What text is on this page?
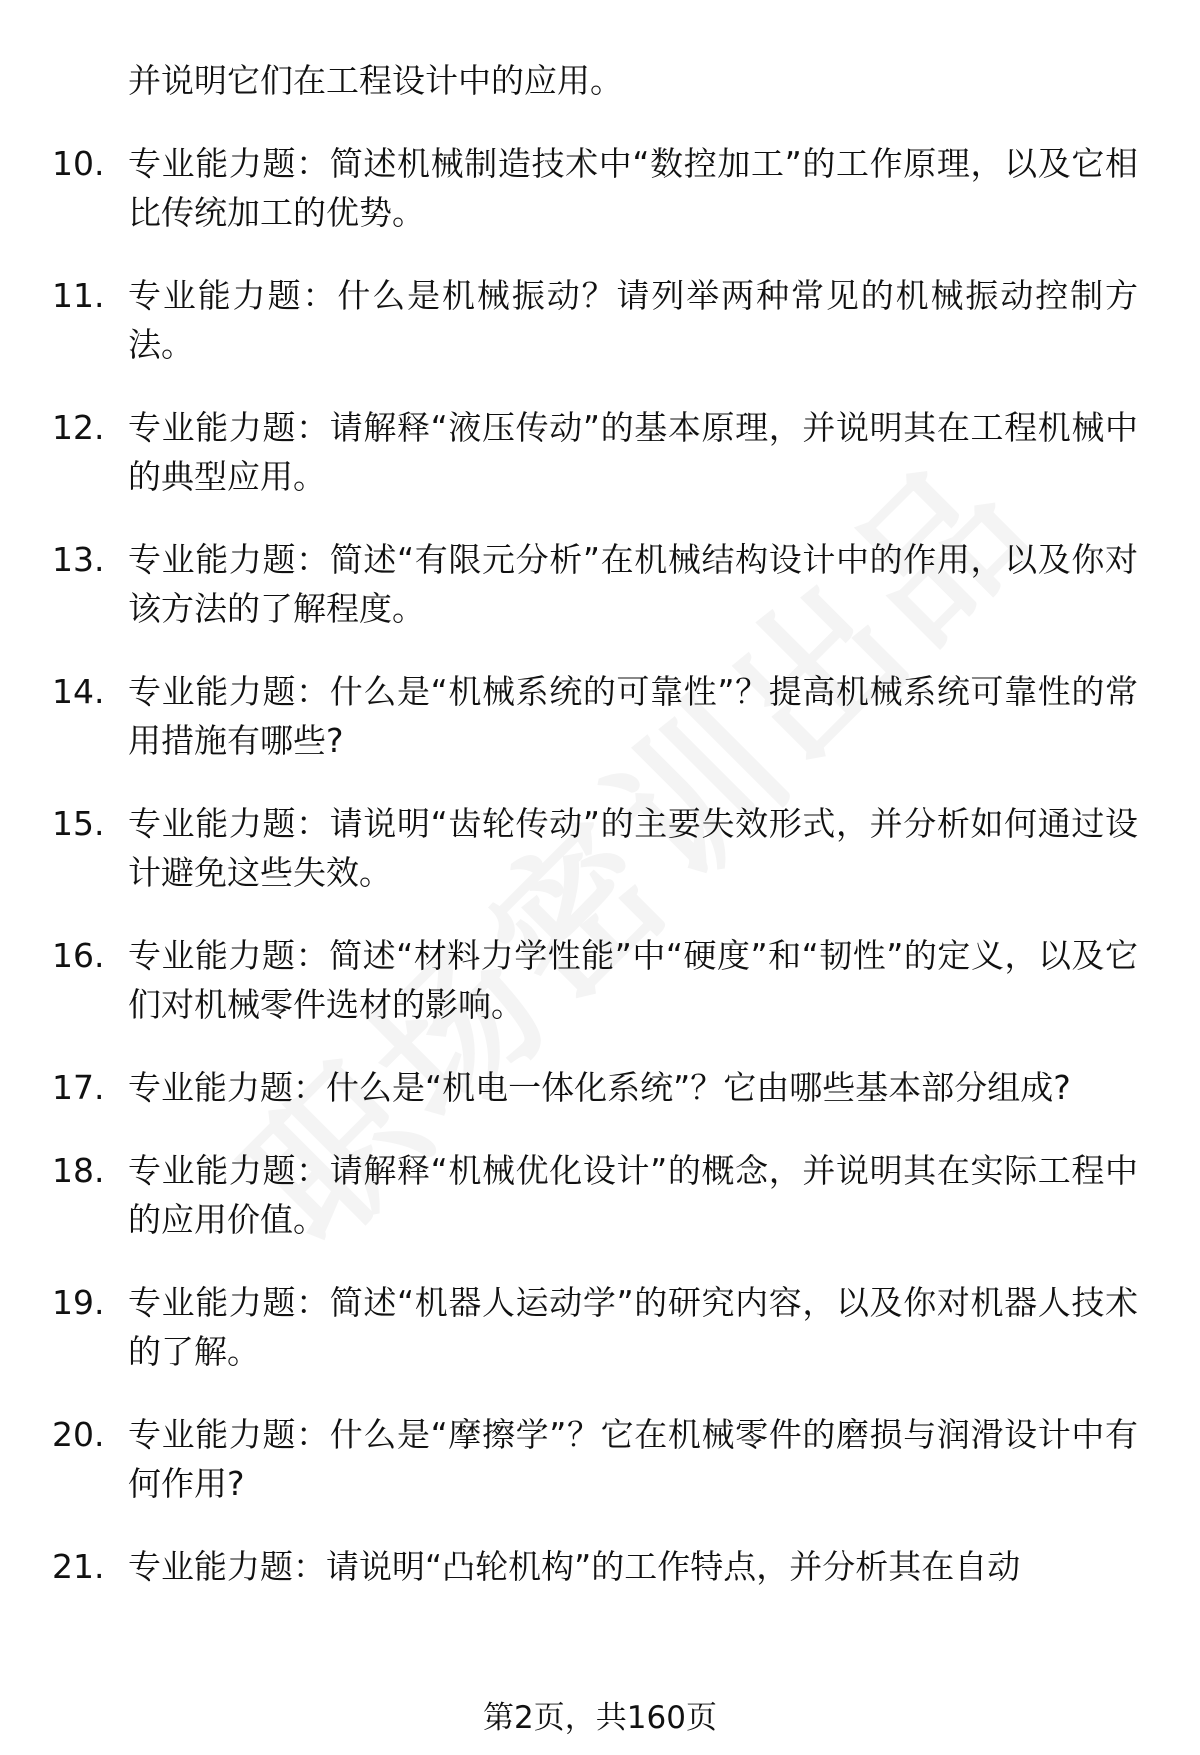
并说明它们在工程设计中的应用。
10. 专业能力题：简述机械制造技术中“数控加工”的工作原理，以及它相比传统加工的优势。
11. 专业能力题：什么是机械振动？请列举两种常见的机械振动控制方法。
12. 专业能力题：请解释“液压传动”的基本原理，并说明其在工程机械中的典型应用。
13. 专业能力题：简述“有限元分析”在机械结构设计中的作用，以及你对该方法的了解程度。
14. 专业能力题：什么是“机械系统的可靠性”？提高机械系统可靠性的常用措施有哪些?
15. 专业能力题：请说明“齿轮传动”的主要失效形式，并分析如何通过设计避免这些失效。
16. 专业能力题：简述“材料力学性能”中“硬度”和“韧性”的定义，以及它们对机械零件选材的影响。
17. 专业能力题：什么是“机电一体化系统”？它由哪些基本部分组成?
18. 专业能力题：请解释“机械优化设计”的概念，并说明其在实际工程中的应用价值。
19. 专业能力题：简述“机器人运动学”的研究内容，以及你对机器人技术的了解。
20. 专业能力题：什么是“摩擦学”？它在机械零件的磨损与润滑设计中有何作用?
21. 专业能力题：请说明“凸轮机构”的工作特点，并分析其在自动
第2页，共160页
